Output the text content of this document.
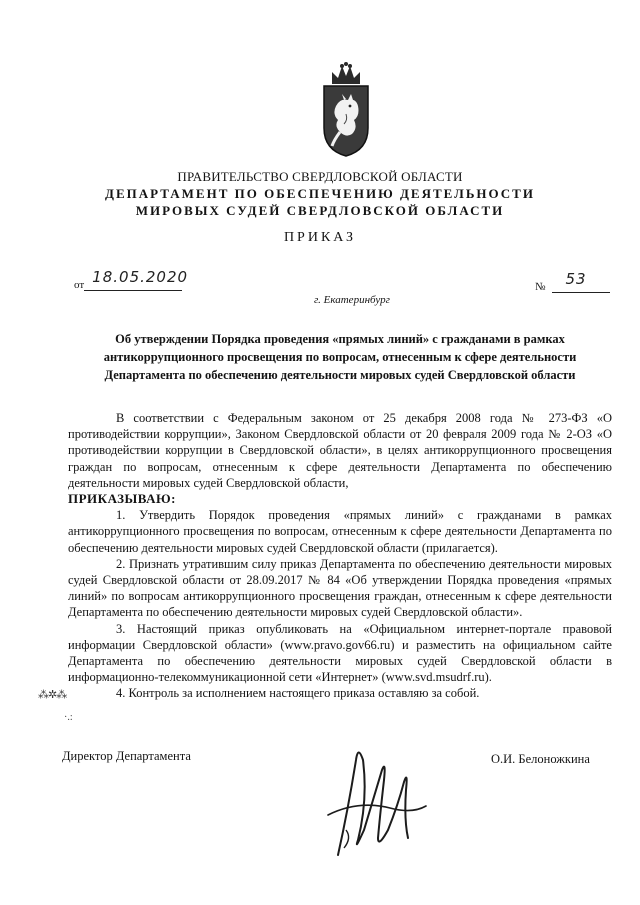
ПРАВИТЕЛЬСТВО СВЕРДЛОВСКОЙ ОБЛАСТИ
ДЕПАРТАМЕНТ ПО ОБЕСПЕЧЕНИЮ ДЕЯТЕЛЬНОСТИ
МИРОВЫХ СУДЕЙ СВЕРДЛОВСКОЙ ОБЛАСТИ
ПРИКАЗ
от 18.05.2020
№ 53
г. Екатеринбург
Об утверждении Порядка проведения «прямых линий» с гражданами в рамках
антикоррупционного просвещения по вопросам, отнесенным к сфере деятельности
Департамента по обеспечению деятельности мировых судей Свердловской области

В соответствии с Федеральным законом от 25 декабря 2008 года № 273-ФЗ «О противодействии коррупции», Законом Свердловской области от 20 февраля 2009 года № 2-ОЗ «О противодействии коррупции в Свердловской области», в целях антикоррупционного просвещения граждан по вопросам, отнесенным к сфере деятельности Департамента по обеспечению деятельности мировых судей Свердловской области,

ПРИКАЗЫВАЮ:

1. Утвердить Порядок проведения «прямых линий» с гражданами в рамках антикоррупционного просвещения по вопросам, отнесенным к сфере деятельности Департамента по обеспечению деятельности мировых судей Свердловской области (прилагается).

2. Признать утратившим силу приказ Департамента по обеспечению деятельности мировых судей Свердловской области от 28.09.2017 № 84 «Об утверждении Порядка проведения «прямых линий» по вопросам антикоррупционного просвещения граждан, отнесенным к сфере деятельности Департамента по обеспечению деятельности мировых судей Свердловской области».

3. Настоящий приказ опубликовать на «Официальном интернет-портале правовой информации Свердловской области» (www.pravo.gov66.ru) и разместить на официальном сайте Департамента по обеспечению деятельности мировых судей Свердловской области в информационно-телекоммуникационной сети «Интернет» (www.svd.msudrf.ru).

4. Контроль за исполнением настоящего приказа оставляю за собой.

⁂✲⁂
·.:
Директор Департамента	О.И. Белоножкина
